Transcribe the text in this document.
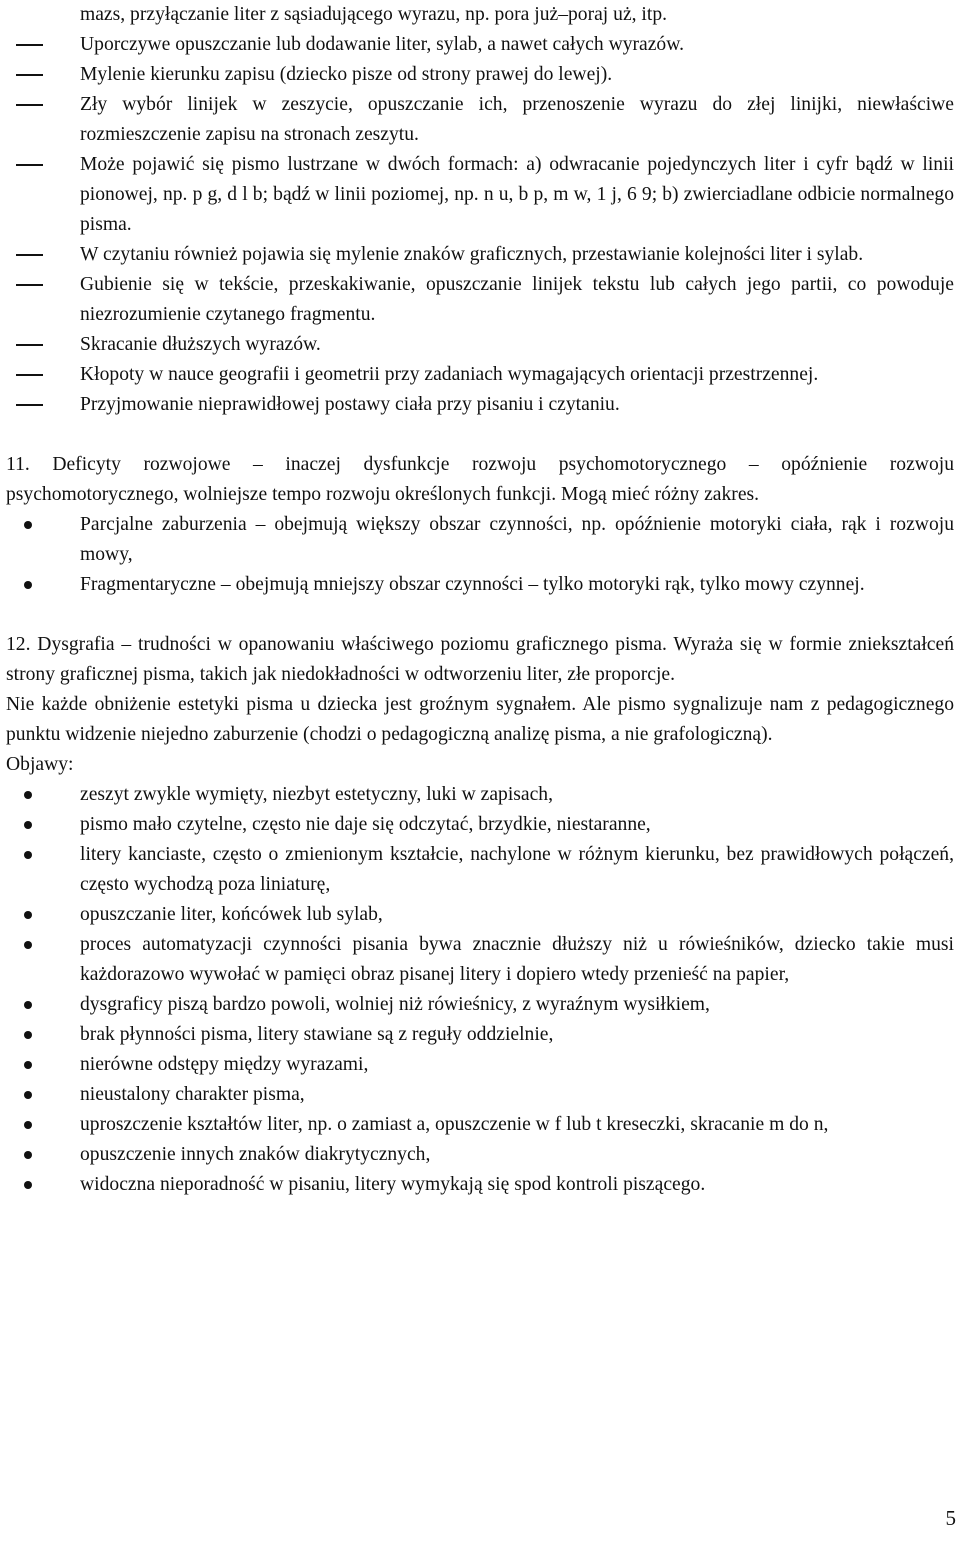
mazs, przyłączanie liter z sąsiadującego wyrazu, np. pora już–poraj uż, itp.
Uporczywe opuszczanie lub dodawanie liter, sylab, a nawet całych wyrazów.
Mylenie kierunku zapisu (dziecko pisze od strony prawej do lewej).
Zły wybór linijek w zeszycie, opuszczanie ich, przenoszenie wyrazu do złej linijki, niewłaściwe rozmieszczenie zapisu na stronach zeszytu.
Może pojawić się pismo lustrzane w dwóch formach: a) odwracanie pojedynczych liter i cyfr bądź w linii pionowej, np. p g, d l b; bądź w linii poziomej, np. n u, b p, m w, 1 j, 6 9; b) zwierciadlane odbicie normalnego pisma.
W czytaniu również pojawia się mylenie znaków graficznych, przestawianie kolejności liter i sylab.
Gubienie się w tekście, przeskakiwanie, opuszczanie linijek tekstu lub całych jego partii, co powoduje niezrozumienie czytanego fragmentu.
Skracanie dłuższych wyrazów.
Kłopoty w nauce geografii i geometrii przy zadaniach wymagających orientacji przestrzennej.
Przyjmowanie nieprawidłowej postawy ciała przy pisaniu i czytaniu.

11. Deficyty rozwojowe – inaczej dysfunkcje rozwoju psychomotorycznego – opóźnienie rozwoju psychomotorycznego, wolniejsze tempo rozwoju określonych funkcji. Mogą mieć różny zakres.

Parcjalne zaburzenia – obejmują większy obszar czynności, np. opóźnienie motoryki ciała, rąk i rozwoju mowy,
Fragmentaryczne – obejmują mniejszy obszar czynności – tylko motoryki rąk, tylko mowy czynnej.

12. Dysgrafia – trudności w opanowaniu właściwego poziomu graficznego pisma. Wyraża się w formie zniekształceń strony graficznej pisma, takich jak niedokładności w odtworzeniu liter, złe proporcje.

Nie każde obniżenie estetyki pisma u dziecka jest groźnym sygnałem. Ale pismo sygnalizuje nam z pedagogicznego punktu widzenie niejedno zaburzenie (chodzi o pedagogiczną analizę pisma, a nie grafologiczną).

Objawy:

zeszyt zwykle wymięty, niezbyt estetyczny, luki w zapisach,
pismo mało czytelne, często nie daje się odczytać, brzydkie, niestaranne,
litery kanciaste, często o zmienionym kształcie, nachylone w różnym kierunku, bez prawidłowych połączeń, często wychodzą poza liniaturę,
opuszczanie liter, końcówek lub sylab,
proces automatyzacji czynności pisania bywa znacznie dłuższy niż u rówieśników, dziecko takie musi każdorazowo wywołać w pamięci obraz pisanej litery i dopiero wtedy przenieść na papier,
dysgraficy piszą bardzo powoli, wolniej niż rówieśnicy, z wyraźnym wysiłkiem,
brak płynności pisma, litery stawiane są z reguły oddzielnie,
nierówne odstępy między wyrazami,
nieustalony charakter pisma,
uproszczenie kształtów liter, np. o zamiast a, opuszczenie w f lub t kreseczki, skracanie m do n,
opuszczenie innych znaków diakrytycznych,
widoczna nieporadność w pisaniu, litery wymykają się spod kontroli piszącego.
5
